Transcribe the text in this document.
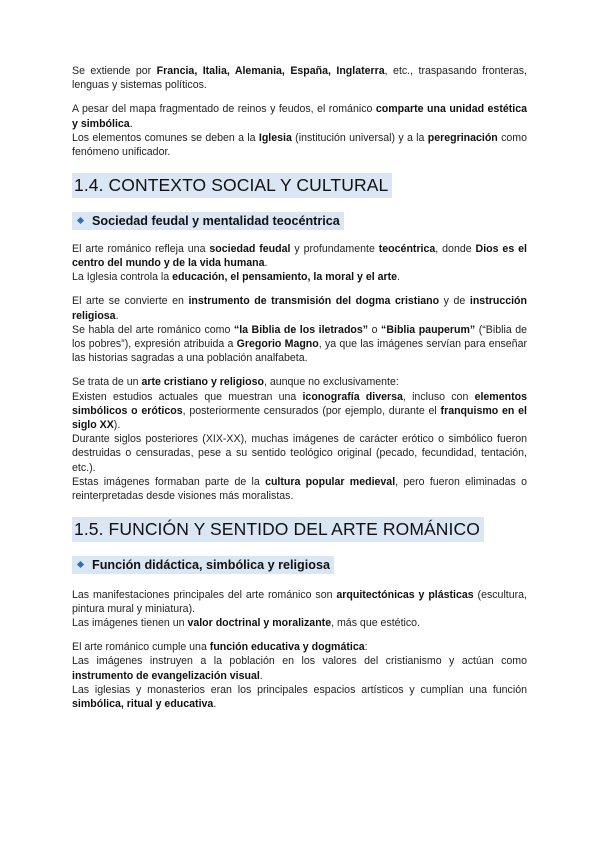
Se extiende por Francia, Italia, Alemania, España, Inglaterra, etc., traspasando fronteras, lenguas y sistemas políticos.

A pesar del mapa fragmentado de reinos y feudos, el románico comparte una unidad estética y simbólica.

Los elementos comunes se deben a la Iglesia (institución universal) y a la peregrinación como fenómeno unificador.

1.4. CONTEXTO SOCIAL Y CULTURAL
Sociedad feudal y mentalidad teocéntrica

El arte románico refleja una sociedad feudal y profundamente teocéntrica, donde Dios es el centro del mundo y de la vida humana.

La Iglesia controla la educación, el pensamiento, la moral y el arte.

El arte se convierte en instrumento de transmisión del dogma cristiano y de instrucción religiosa.

Se habla del arte románico como “la Biblia de los iletrados” o “Biblia pauperum” (“Biblia de los pobres”), expresión atribuida a Gregorio Magno, ya que las imágenes servían para enseñar las historias sagradas a una población analfabeta.

Se trata de un arte cristiano y religioso, aunque no exclusivamente:

Existen estudios actuales que muestran una iconografía diversa, incluso con elementos simbólicos o eróticos, posteriormente censurados (por ejemplo, durante el franquismo en el siglo XX).

Durante siglos posteriores (XIX-XX), muchas imágenes de carácter erótico o simbólico fueron destruidas o censuradas, pese a su sentido teológico original (pecado, fecundidad, tentación, etc.).

Estas imágenes formaban parte de la cultura popular medieval, pero fueron eliminadas o reinterpretadas desde visiones más moralistas.

1.5. FUNCIÓN Y SENTIDO DEL ARTE ROMÁNICO
Función didáctica, simbólica y religiosa

Las manifestaciones principales del arte románico son arquitectónicas y plásticas (escultura, pintura mural y miniatura).

Las imágenes tienen un valor doctrinal y moralizante, más que estético.

El arte románico cumple una función educativa y dogmática:

Las imágenes instruyen a la población en los valores del cristianismo y actúan como instrumento de evangelización visual.

Las iglesias y monasterios eran los principales espacios artísticos y cumplían una función simbólica, ritual y educativa.
